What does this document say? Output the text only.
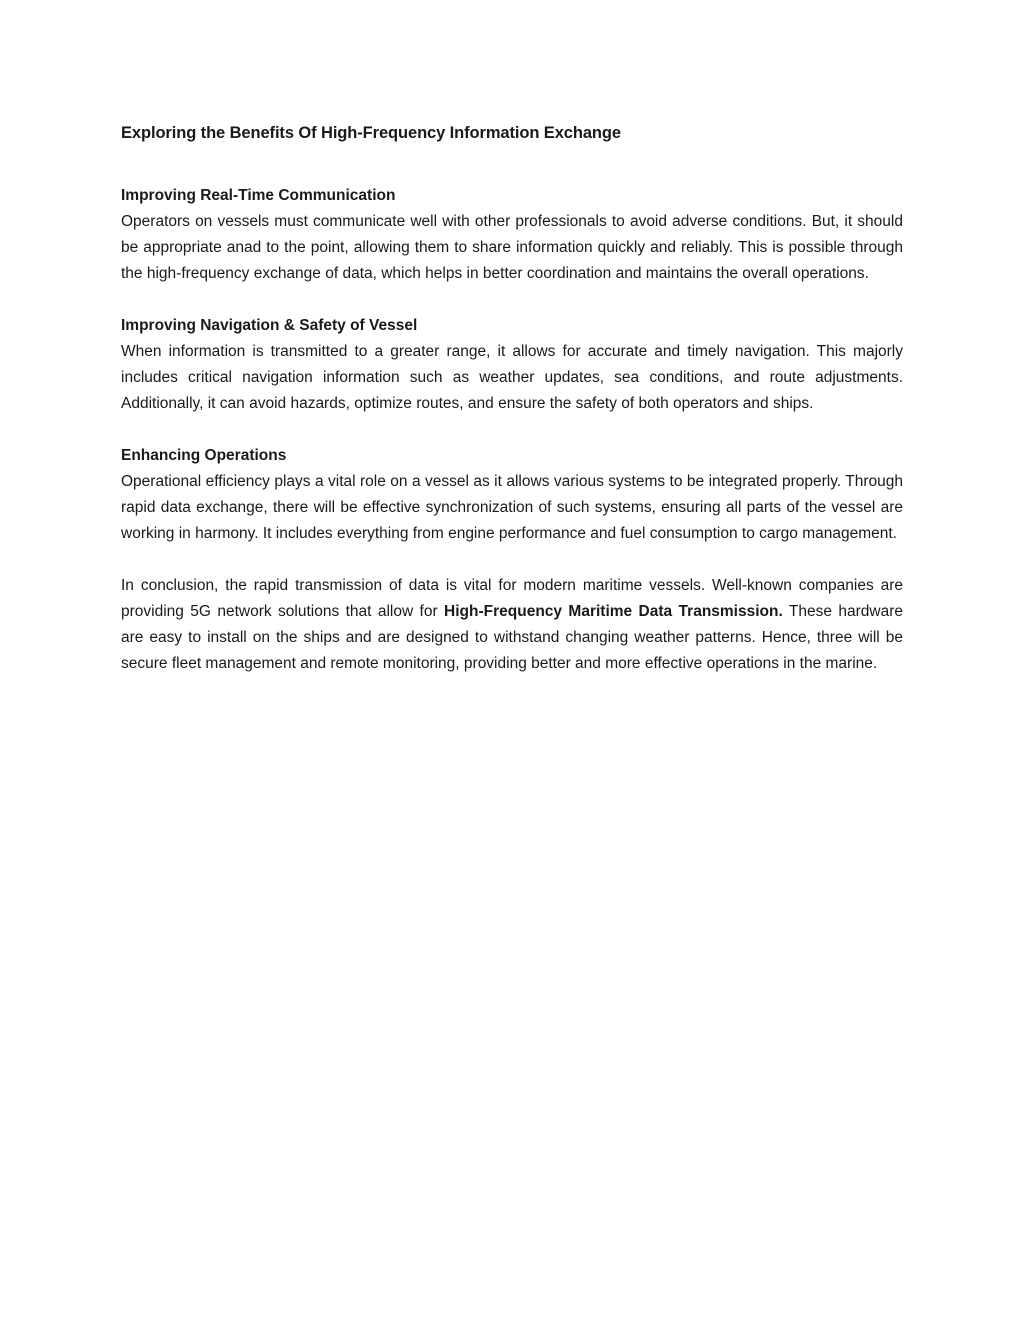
Exploring the Benefits Of High-Frequency Information Exchange
Improving Real-Time Communication

Operators on vessels must communicate well with other professionals to avoid adverse conditions. But, it should be appropriate anad to the point, allowing them to share information quickly and reliably. This is possible through the high-frequency exchange of data, which helps in better coordination and maintains the overall operations.

Improving Navigation & Safety of Vessel

When information is transmitted to a greater range, it allows for accurate and timely navigation. This majorly includes critical navigation information such as weather updates, sea conditions, and route adjustments. Additionally, it can avoid hazards, optimize routes, and ensure the safety of both operators and ships.

Enhancing Operations

Operational efficiency plays a vital role on a vessel as it allows various systems to be integrated properly. Through rapid data exchange, there will be effective synchronization of such systems, ensuring all parts of the vessel are working in harmony. It includes everything from engine performance and fuel consumption to cargo management.

In conclusion, the rapid transmission of data is vital for modern maritime vessels. Well-known companies are providing 5G network solutions that allow for High-Frequency Maritime Data Transmission. These hardware are easy to install on the ships and are designed to withstand changing weather patterns. Hence, three will be secure fleet management and remote monitoring, providing better and more effective operations in the marine.
